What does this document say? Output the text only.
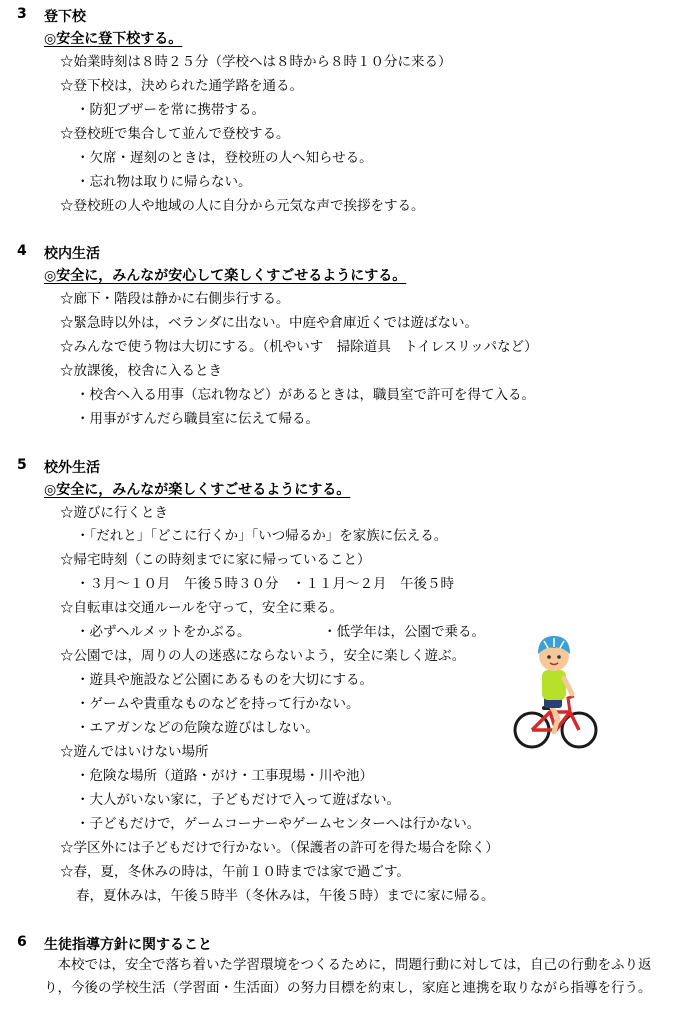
3 登下校
◎安全に登下校する。
☆始業時刻は８時２５分（学校へは８時から８時１０分に来る）
☆登下校は，決められた通学路を通る。
・防犯ブザーを常に携帯する。
☆登校班で集合して並んで登校する。
・欠席・遅刻のときは，登校班の人へ知らせる。
・忘れ物は取りに帰らない。
☆登校班の人や地域の人に自分から元気な声で挨拶をする。
4 校内生活
◎安全に，みんなが安心して楽しくすごせるようにする。
☆廊下・階段は静かに右側歩行する。
☆緊急時以外は，ベランダに出ない。中庭や倉庫近くでは遊ばない。
☆みんなで使う物は大切にする。（机やいす　掃除道具　トイレスリッパなど）
☆放課後，校舎に入るとき
・校舎へ入る用事（忘れ物など）があるときは，職員室で許可を得て入る。
・用事がすんだら職員室に伝えて帰る。
5 校外生活
◎安全に，みんなが楽しくすごせるようにする。
☆遊びに行くとき
・「だれと」「どこに行くか」「いつ帰るか」を家族に伝える。
☆帰宅時刻（この時刻までに家に帰っていること）
・３月～１０月　午後５時３０分　・１１月～２月　午後５時
☆自転車は交通ルールを守って，安全に乗る。
・必ずヘルメットをかぶる。	・低学年は，公園で乗る。
☆公園では，周りの人の迷惑にならないよう，安全に楽しく遊ぶ。
・遊具や施設など公園にあるものを大切にする。
・ゲームや貴重なものなどを持って行かない。
・エアガンなどの危険な遊びはしない。
☆遊んではいけない場所
・危険な場所（道路・がけ・工事現場・川や池）
・大人がいない家に，子どもだけで入って遊ばない。
・子どもだけで，ゲームコーナーやゲームセンターへは行かない。
☆学区外には子どもだけで行かない。（保護者の許可を得た場合を除く）
☆春，夏，冬休みの時は，午前１０時までは家で過ごす。
春，夏休みは，午後５時半（冬休みは，午後５時）までに家に帰る。
6 生徒指導方針に関すること
　本校では，安全で落ち着いた学習環境をつくるために，問題行動に対しては，自己の行動をふり返り，今後の学校生活（学習面・生活面）の努力目標を約束し，家庭と連携を取りながら指導を行う。
